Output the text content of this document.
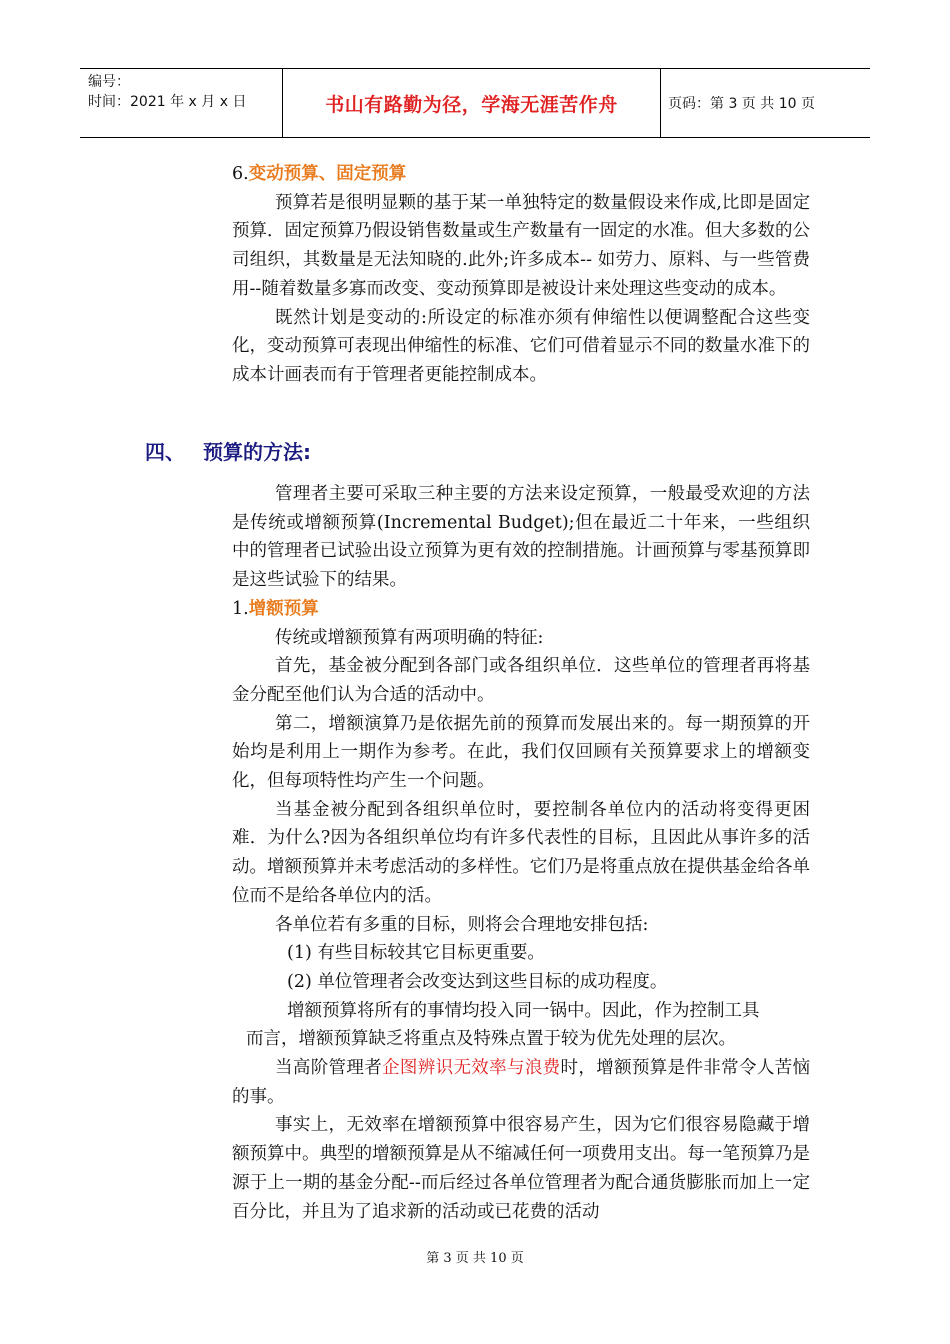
编号：
时间：2021 年 x 月 x 日	书山有路勤为径，学海无涯苦作舟	页码：第 3 页 共 10 页

6.变动预算、固定预算

预算若是很明显颗的基于某一单独特定的数量假设来作成,比即是固定预算．固定预算乃假设销售数量或生产数量有一固定的水准。但大多数的公司组织，其数量是无法知晓的.此外;许多成本-- 如劳力、原料、与一些管费用--随着数量多寡而改变、变动预算即是被设计来处理这些变动的成本。

既然计划是变动的:所设定的标准亦须有伸缩性以便调整配合这些变化，变动预算可表现出伸缩性的标准、它们可借着显示不同的数量水准下的成本计画表而有于管理者更能控制成本。

四、 预算的方法:

管理者主要可采取三种主要的方法来设定预算，一般最受欢迎的方法是传统或增额预算(Incremental Budget);但在最近二十年来，一些组织中的管理者已试验出设立预算为更有效的控制措施。计画预算与零基预算即是这些试验下的结果。

1.增额预算

传统或增额预算有两项明确的特征:

首先，基金被分配到各部门或各组织单位．这些单位的管理者再将基金分配至他们认为合适的活动中。

第二，增额演算乃是依据先前的预算而发展出来的。每一期预算的开始均是利用上一期作为参考。在此，我们仅回顾有关预算要求上的增额变化，但每项特性均产生一个问题。

当基金被分配到各组织单位时，要控制各单位内的活动将变得更困难．为什么?因为各组织单位均有许多代表性的目标，且因此从事许多的活动。增额预算并未考虑活动的多样性。它们乃是将重点放在提供基金给各单位而不是给各单位内的活。

各单位若有多重的目标，则将会合理地安排包括:

(1) 有些目标较其它目标更重要。

(2) 单位管理者会改变达到这些目标的成功程度。

增额预算将所有的事情均投入同一锅中。因此，作为控制工具

而言，增额预算缺乏将重点及特殊点置于较为优先处理的层次。

当高阶管理者企图辨识无效率与浪费时，增额预算是件非常令人苦恼的事。

事实上，无效率在增额预算中很容易产生，因为它们很容易隐藏于增额预算中。典型的增额预算是从不缩减任何一项费用支出。每一笔预算乃是源于上一期的基金分配--而后经过各单位管理者为配合通货膨胀而加上一定百分比，并且为了追求新的活动或已花费的活动

第 3 页 共 10 页
